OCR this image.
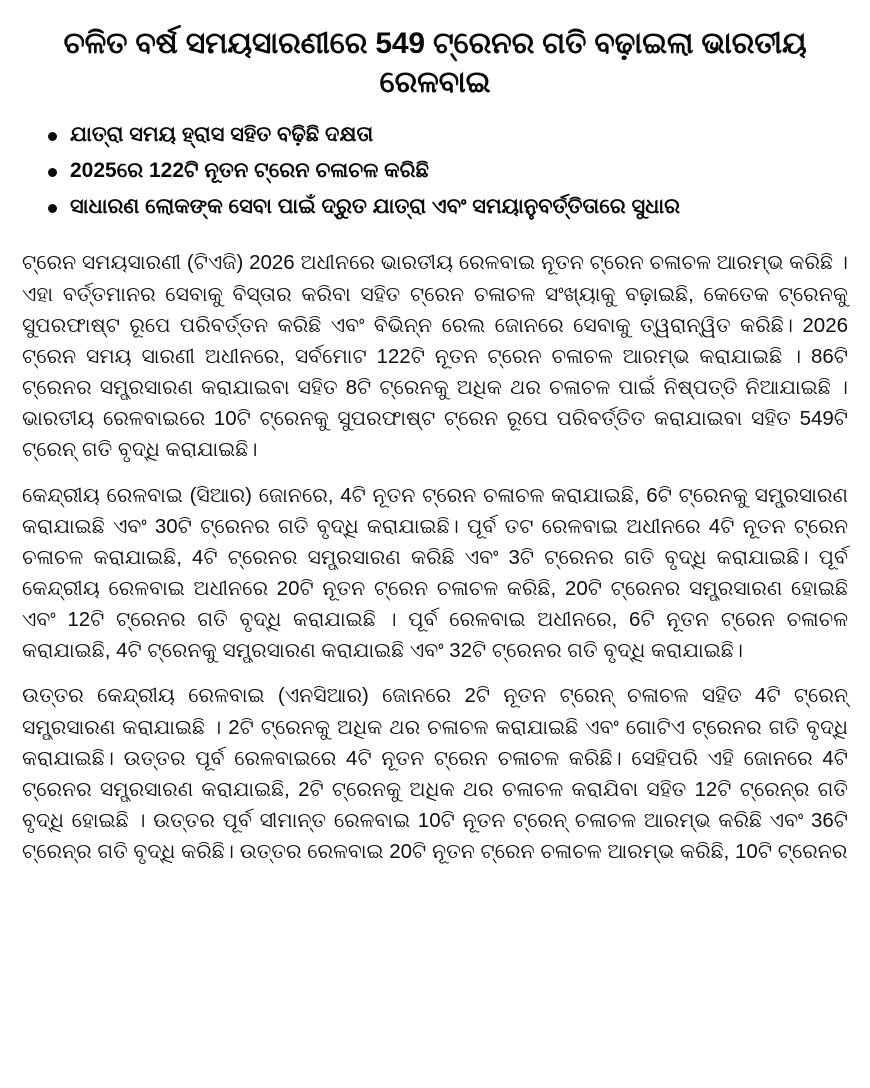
ଚଳିତ ବର୍ଷ ସମୟସାରଣୀରେ 549 ଟ୍ରେନର ଗତି ବଢ଼ାଇଲା ଭାରତୀୟ ରେଳବାଇ
ଯାତ୍ରା ସମୟ ହ୍ରାସ ସହିତ ବଢ଼ିଛି ଦକ୍ଷତା
2025ରେ 122ଟି ନୂତନ ଟ୍ରେନ ଚଳାଚଳ କରିଛି
ସାଧାରଣ ଲୋକଙ୍କ ସେବା ପାଇଁ ଦ୍ରୁତ ଯାତ୍ରା ଏବଂ ସମୟାନୁବର୍ତ୍ତିତାରେ ସୁଧାର

ଟ୍ରେନ ସମୟସାରଣୀ (ଟିଏଜି) 2026 ଅଧୀନରେ ଭାରତୀୟ ରେଳବାଇ ନୂତନ ଟ୍ରେନ ଚଳାଚଳ ଆରମ୍ଭ କରିଛି । ଏହା ବର୍ତ୍ତମାନର ସେବାକୁ ବିସ୍ତାର କରିବା ସହିତ ଟ୍ରେନ ଚଳାଚଳ ସଂଖ୍ୟାକୁ ବଢ଼ାଇଛି, କେତେକ ଟ୍ରେନକୁ ସୁପରଫାଷ୍ଟ ରୂପେ ପରିବର୍ତ୍ତନ କରିଛି ଏବଂ ବିଭିନ୍ନ ରେଲ ଜୋନରେ ସେବାକୁ ତ୍ୱରାନ୍ୱିତ କରିଛି। 2026 ଟ୍ରେନ ସମୟ ସାରଣୀ ଅଧୀନରେ, ସର୍ବମୋଟ 122ଟି ନୂତନ ଟ୍ରେନ ଚଳାଚଳ ଆରମ୍ଭ କରାଯାଇଛି । 86ଟି ଟ୍ରେନର ସମ୍ପ୍ରସାରଣ କରାଯାଇବା ସହିତ 8ଟି ଟ୍ରେନକୁ ଅଧିକ ଥର ଚଳାଚଳ ପାଇଁ ନିଷ୍ପତ୍ତି ନିଆଯାଇଛି । ଭାରତୀୟ ରେଳବାଇରେ 10ଟି ଟ୍ରେନକୁ ସୁପରଫାଷ୍ଟ ଟ୍ରେନ ରୂପେ ପରିବର୍ତ୍ତିତ କରାଯାଇବା ସହିତ 549ଟି ଟ୍ରେନ୍ ଗତି ବୃଦ୍ଧି କରାଯାଇଛି।

କେନ୍ଦ୍ରୀୟ ରେଳବାଇ (ସିଆର) ଜୋନରେ, 4ଟି ନୂତନ ଟ୍ରେନ ଚଳାଚଳ କରାଯାଇଛି, 6ଟି ଟ୍ରେନକୁ ସମ୍ପ୍ରସାରଣ କରାଯାଇଛି ଏବଂ 30ଟି ଟ୍ରେନର ଗତି ବୃଦ୍ଧି କରାଯାଇଛି। ପୂର୍ବ ତଟ ରେଳବାଇ ଅଧୀନରେ 4ଟି ନୂତନ ଟ୍ରେନ ଚଳାଚଳ କରାଯାଇଛି, 4ଟି ଟ୍ରେନର ସମ୍ପ୍ରସାରଣ କରିଛି ଏବଂ 3ଟି ଟ୍ରେନର ଗତି ବୃଦ୍ଧି କରାଯାଇଛି। ପୂର୍ବ କେନ୍ଦ୍ରୀୟ ରେଳବାଇ ଅଧୀନରେ 20ଟି ନୂତନ ଟ୍ରେନ ଚଳାଚଳ କରିଛି, 20ଟି ଟ୍ରେନର ସମ୍ପ୍ରସାରଣ ହୋଇଛି ଏବଂ 12ଟି ଟ୍ରେନର ଗତି ବୃଦ୍ଧି କରାଯାଇଛି । ପୂର୍ବ ରେଳବାଇ ଅଧୀନରେ, 6ଟି ନୂତନ ଟ୍ରେନ ଚଳାଚଳ କରାଯାଇଛି, 4ଟି ଟ୍ରେନକୁ ସମ୍ପ୍ରସାରଣ କରାଯାଇଛି ଏବଂ 32ଟି ଟ୍ରେନର ଗତି ବୃଦ୍ଧି କରାଯାଇଛି।

ଉତ୍ତର କେନ୍ଦ୍ରୀୟ ରେଳବାଇ (ଏନସିଆର) ଜୋନରେ 2ଟି ନୂତନ ଟ୍ରେନ୍ ଚଳାଚଳ ସହିତ 4ଟି ଟ୍ରେନ୍ ସମ୍ପ୍ରସାରଣ କରାଯାଇଛି । 2ଟି ଟ୍ରେନକୁ ଅଧିକ ଥର ଚଳାଚଳ କରାଯାଇଛି ଏବଂ ଗୋଟିଏ ଟ୍ରେନର ଗତି ବୃଦ୍ଧି କରାଯାଇଛି। ଉତ୍ତର ପୂର୍ବ ରେଳବାଇରେ 4ଟି ନୂତନ ଟ୍ରେନ ଚଳାଚଳ କରିଛି। ସେହିପରି ଏହି ଜୋନରେ 4ଟି ଟ୍ରେନର ସମ୍ପ୍ରସାରଣ କରାଯାଇଛି, 2ଟି ଟ୍ରେନକୁ ଅଧିକ ଥର ଚଳାଚଳ କରାଯିବା ସହିତ 12ଟି ଟ୍ରେନ୍ର ଗତି ବୃଦ୍ଧି ହୋଇଛି । ଉତ୍ତର ପୂର୍ବ ସୀମାନ୍ତ ରେଳବାଇ 10ଟି ନୂତନ ଟ୍ରେନ୍ ଚଳାଚଳ ଆରମ୍ଭ କରିଛି ଏବଂ 36ଟି ଟ୍ରେନ୍ର ଗତି ବୃଦ୍ଧି କରିଛି। ଉତ୍ତର ରେଳବାଇ 20ଟି ନୂତନ ଟ୍ରେନ ଚଳାଚଳ ଆରମ୍ଭ କରିଛି, 10ଟି ଟ୍ରେନର
